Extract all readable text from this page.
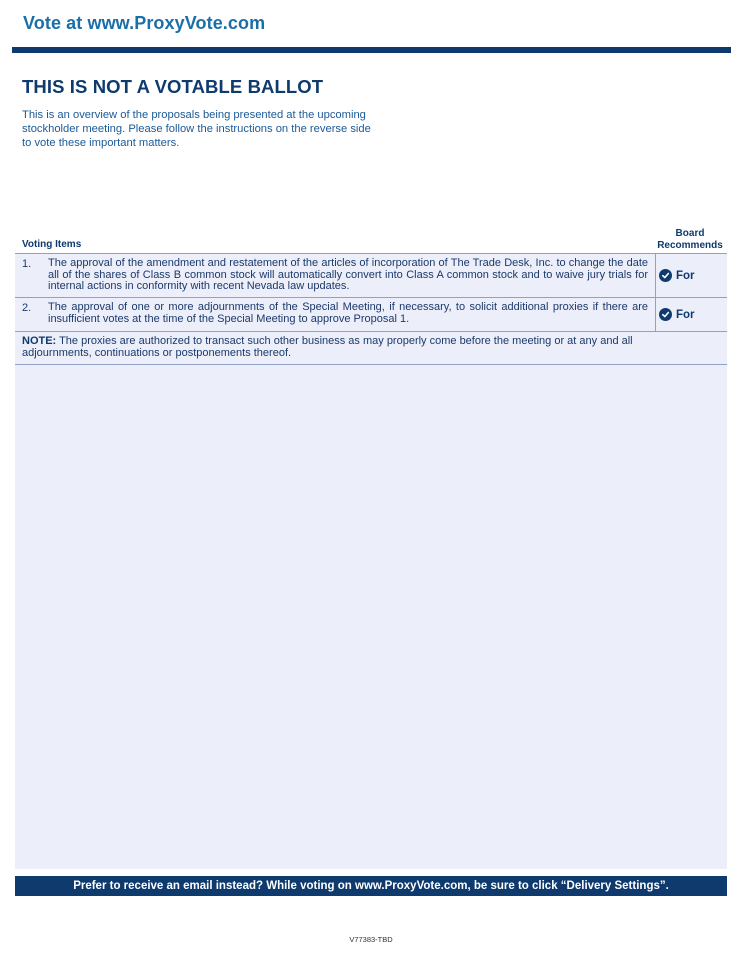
Vote at www.ProxyVote.com
THIS IS NOT A VOTABLE BALLOT
This is an overview of the proposals being presented at the upcoming stockholder meeting. Please follow the instructions on the reverse side to vote these important matters.
Board
Recommends
Voting Items
1. The approval of the amendment and restatement of the articles of incorporation of The Trade Desk, Inc. to change the date all of the shares of Class B common stock will automatically convert into Class A common stock and to waive jury trials for internal actions in conformity with recent Nevada law updates.
For
2. The approval of one or more adjournments of the Special Meeting, if necessary, to solicit additional proxies if there are insufficient votes at the time of the Special Meeting to approve Proposal 1.	For
NOTE: The proxies are authorized to transact such other business as may properly come before the meeting or at any and all adjournments, continuations or postponements thereof.
Prefer to receive an email instead? While voting on www.ProxyVote.com, be sure to click “Delivery Settings”.
V77383-TBD
